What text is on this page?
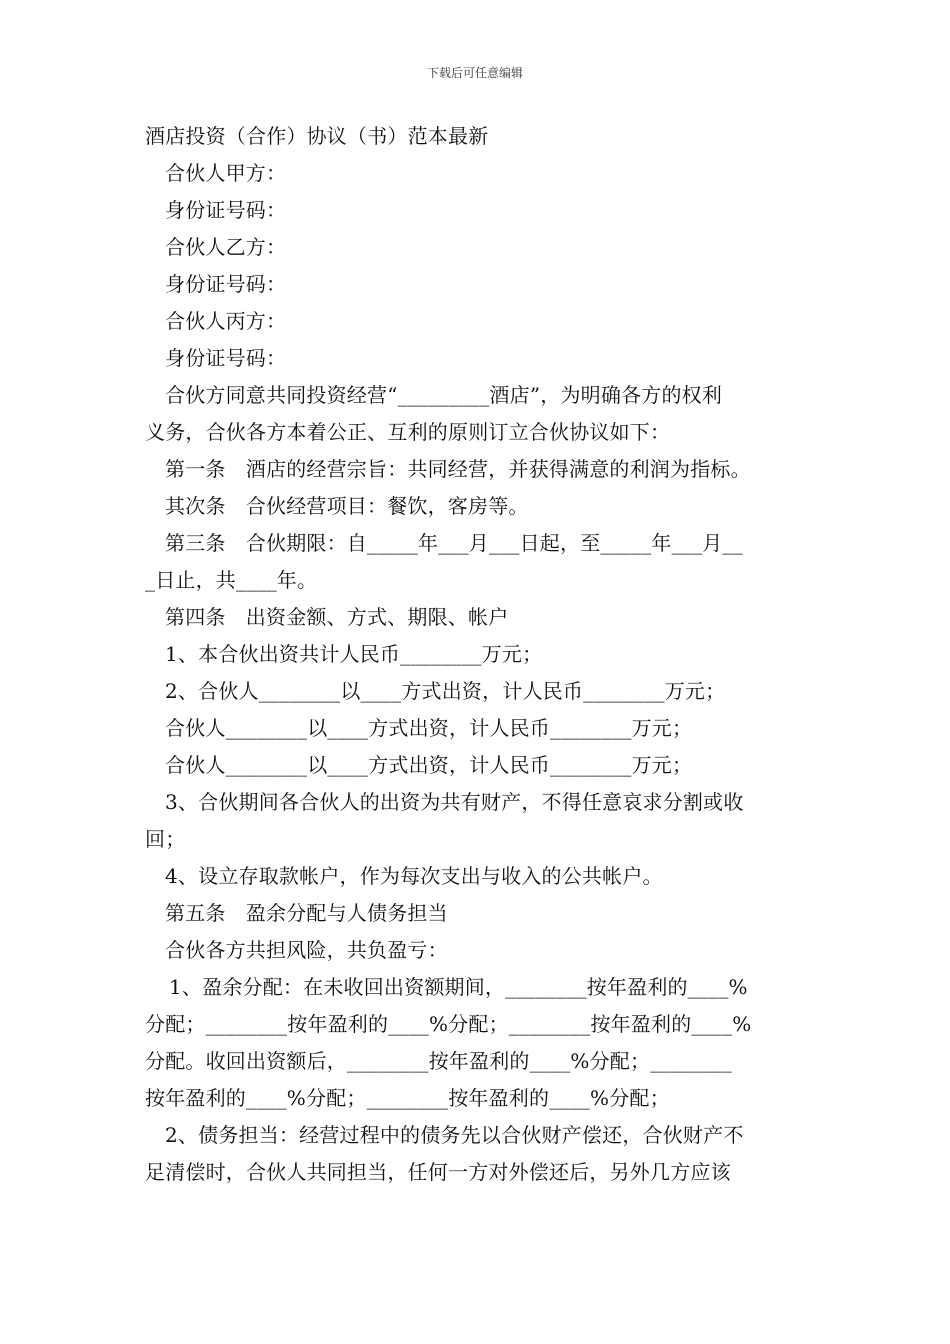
下载后可任意编辑
酒店投资（合作）协议（书）范本最新
合伙人甲方：
身份证号码：
合伙人乙方：
身份证号码：
合伙人丙方：
身份证号码：
合伙方同意共同投资经营“_________酒店”，为明确各方的权利
义务，合伙各方本着公正、互利的原则订立合伙协议如下：
第一条　酒店的经营宗旨：共同经营，并获得满意的利润为指标。
其次条　合伙经营项目：餐饮，客房等。
第三条　合伙期限：自_____年___月___日起，至_____年___月__
_日止，共____年。
第四条　出资金额、方式、期限、帐户
1、本合伙出资共计人民币________万元；
2、合伙人________以____方式出资，计人民币________万元；
合伙人________以____方式出资，计人民币________万元；
合伙人________以____方式出资，计人民币________万元；
3、合伙期间各合伙人的出资为共有财产，不得任意哀求分割或收
回；
4、设立存取款帐户，作为每次支出与收入的公共帐户。
第五条　盈余分配与人债务担当
合伙各方共担风险，共负盈亏：
1、盈余分配：在未收回出资额期间，________按年盈利的____%
分配；________按年盈利的____%分配；________按年盈利的____%
分配。收回出资额后，________按年盈利的____%分配；________
按年盈利的____%分配；________按年盈利的____%分配；
2、债务担当：经营过程中的债务先以合伙财产偿还，合伙财产不
足清偿时，合伙人共同担当，任何一方对外偿还后，另外几方应该
